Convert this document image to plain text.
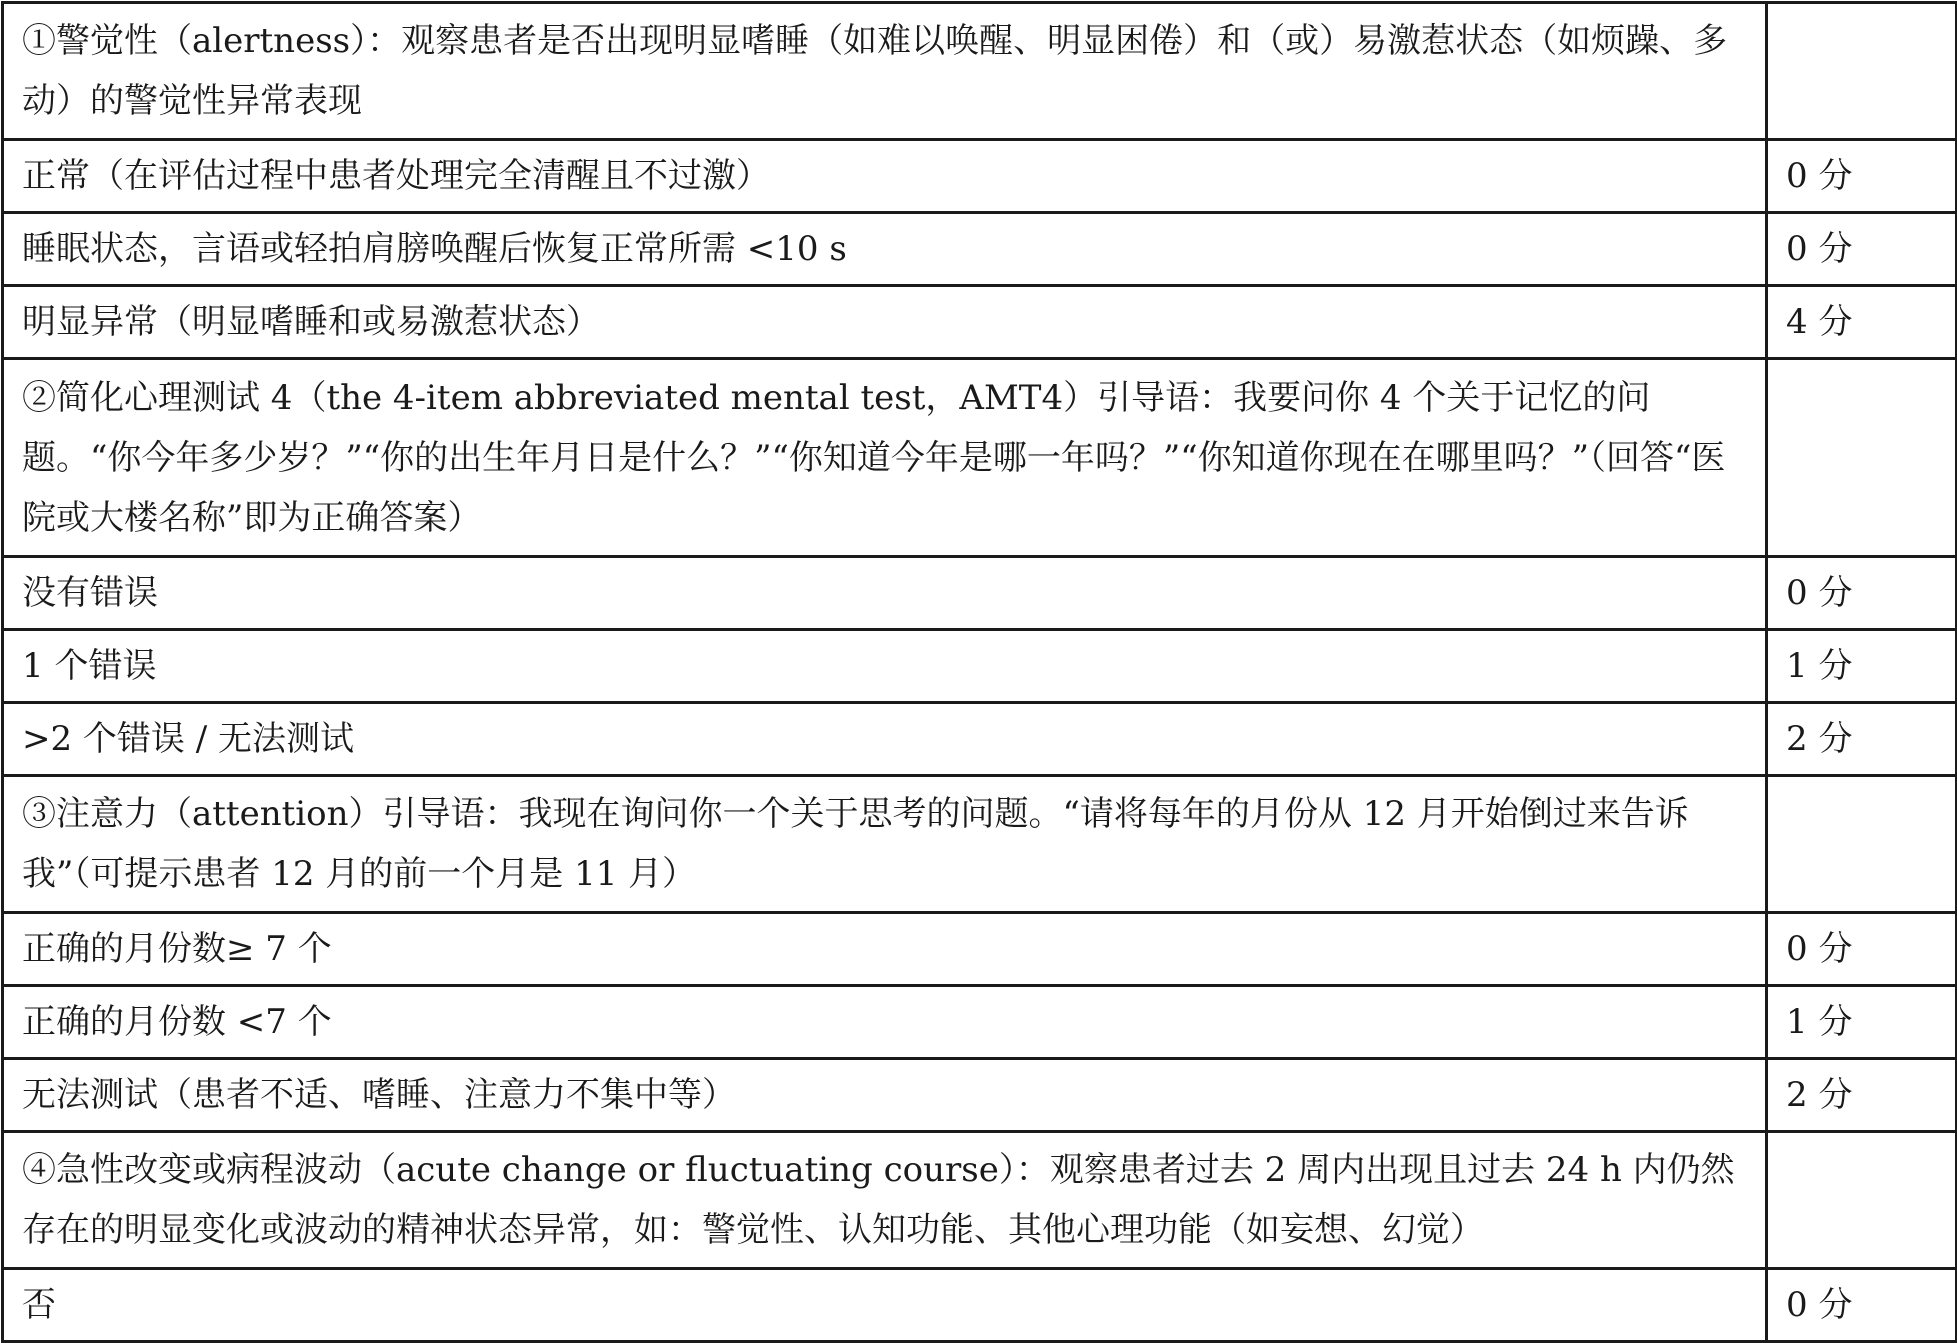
①警觉性（alertness）：观察患者是否出现明显嗜睡（如难以唤醒、明显困倦）和（或）易激惹状态（如烦躁、多动）的警觉性异常表现	
正常（在评估过程中患者处理完全清醒且不过激）	0 分
睡眠状态，言语或轻拍肩膀唤醒后恢复正常所需 <10 s	0 分
明显异常（明显嗜睡和或易激惹状态）	4 分
②简化心理测试 4（the 4-item abbreviated mental test，AMT4）引导语：我要问你 4 个关于记忆的问题。“你今年多少岁？”“你的出生年月日是什么？”“你知道今年是哪一年吗？”“你知道你现在在哪里吗？”（回答“医院或大楼名称”即为正确答案）	
没有错误	0 分
1 个错误	1 分
>2 个错误 / 无法测试	2 分
③注意力（attention）引导语：我现在询问你一个关于思考的问题。“请将每年的月份从 12 月开始倒过来告诉我”（可提示患者 12 月的前一个月是 11 月）	
正确的月份数≥ 7 个	0 分
正确的月份数 <7 个	1 分
无法测试（患者不适、嗜睡、注意力不集中等）	2 分
④急性改变或病程波动（acute change or fluctuating course）：观察患者过去 2 周内出现且过去 24 h 内仍然存在的明显变化或波动的精神状态异常，如：警觉性、认知功能、其他心理功能（如妄想、幻觉）	
否	0 分
